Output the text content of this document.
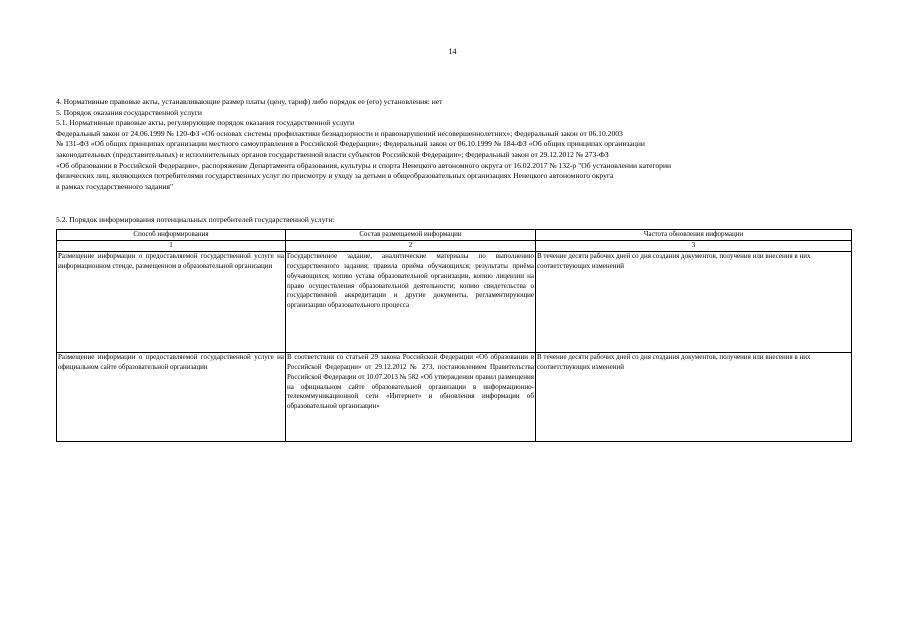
14

4. Нормативные правовые акты, устанавливающие размер платы (цену, тариф) либо порядок ее (его) установления: нет

5. Порядок оказания государственной услуги

5.1. Нормативные правовые акты, регулирующие порядок оказания государственной услуги

Федеральный закон от 24.06.1999 № 120-ФЗ «Об основах системы профилактики безнадзорности и правонарушений несовершеннолетних»; Федеральный закон от 06.10.2003

№ 131-ФЗ «Об общих принципах организации местного самоуправления в Российской Федерации»; Федеральный закон от 06.10.1999 № 184-ФЗ «Об общих принципах организации

законодательных (представительных) и исполнительных органов государственной власти субъектов Российской Федерации»; Федеральный закон от 29.12.2012 № 273-ФЗ

«Об образовании в Российской Федерации», распоряжение Департамента образования, культуры и спорта Ненецкого автономного округа от 16.02.2017 № 132-р "Об установлении категории

физических лиц, являющихся потребителями государственных услуг по присмотру и уходу за детьми в общеобразовательных организациях Ненецкого автономного округа

в рамках государственного задания"

5.2. Порядок информирования потенциальных потребителей государственной услуги:
Способ информирования	Состав размещаемой информации	Частота обновления информации
1	2	3
Размещение информации о предоставляемой государственной услуге на информационном стенде, размещенном в образовательной организации	Государственное задание, аналитические материалы по выполнению государственного задания; правила приёма обучающихся; результаты приёма обучающихся; копию устава образовательной организации, копию лицензии на право осуществления образовательной деятельности; копию свидетельства о государственной аккредитации и другие документы, регламентирующие организацию образовательного процесса	В течение десяти рабочих дней со дня создания документов, получения или внесения в них соответствующих изменений
Размещение информации о предоставляемой государственной услуге на официальном сайте образовательной организации	В соответствии со статьей 29 закона Российской Федерации «Об образовании в Российской Федерации» от 29.12.2012 № 273, постановлением Правительства Российской Федерации от 10.07.2013 № 582 «Об утверждении правил размещения на официальном сайте образовательной организации в информационно-телекоммуникационной сети «Интернет» и обновления информации об образовательной организации»	В течение десяти рабочих дней со дня создания документов, получения или внесения в них соответствующих изменений
